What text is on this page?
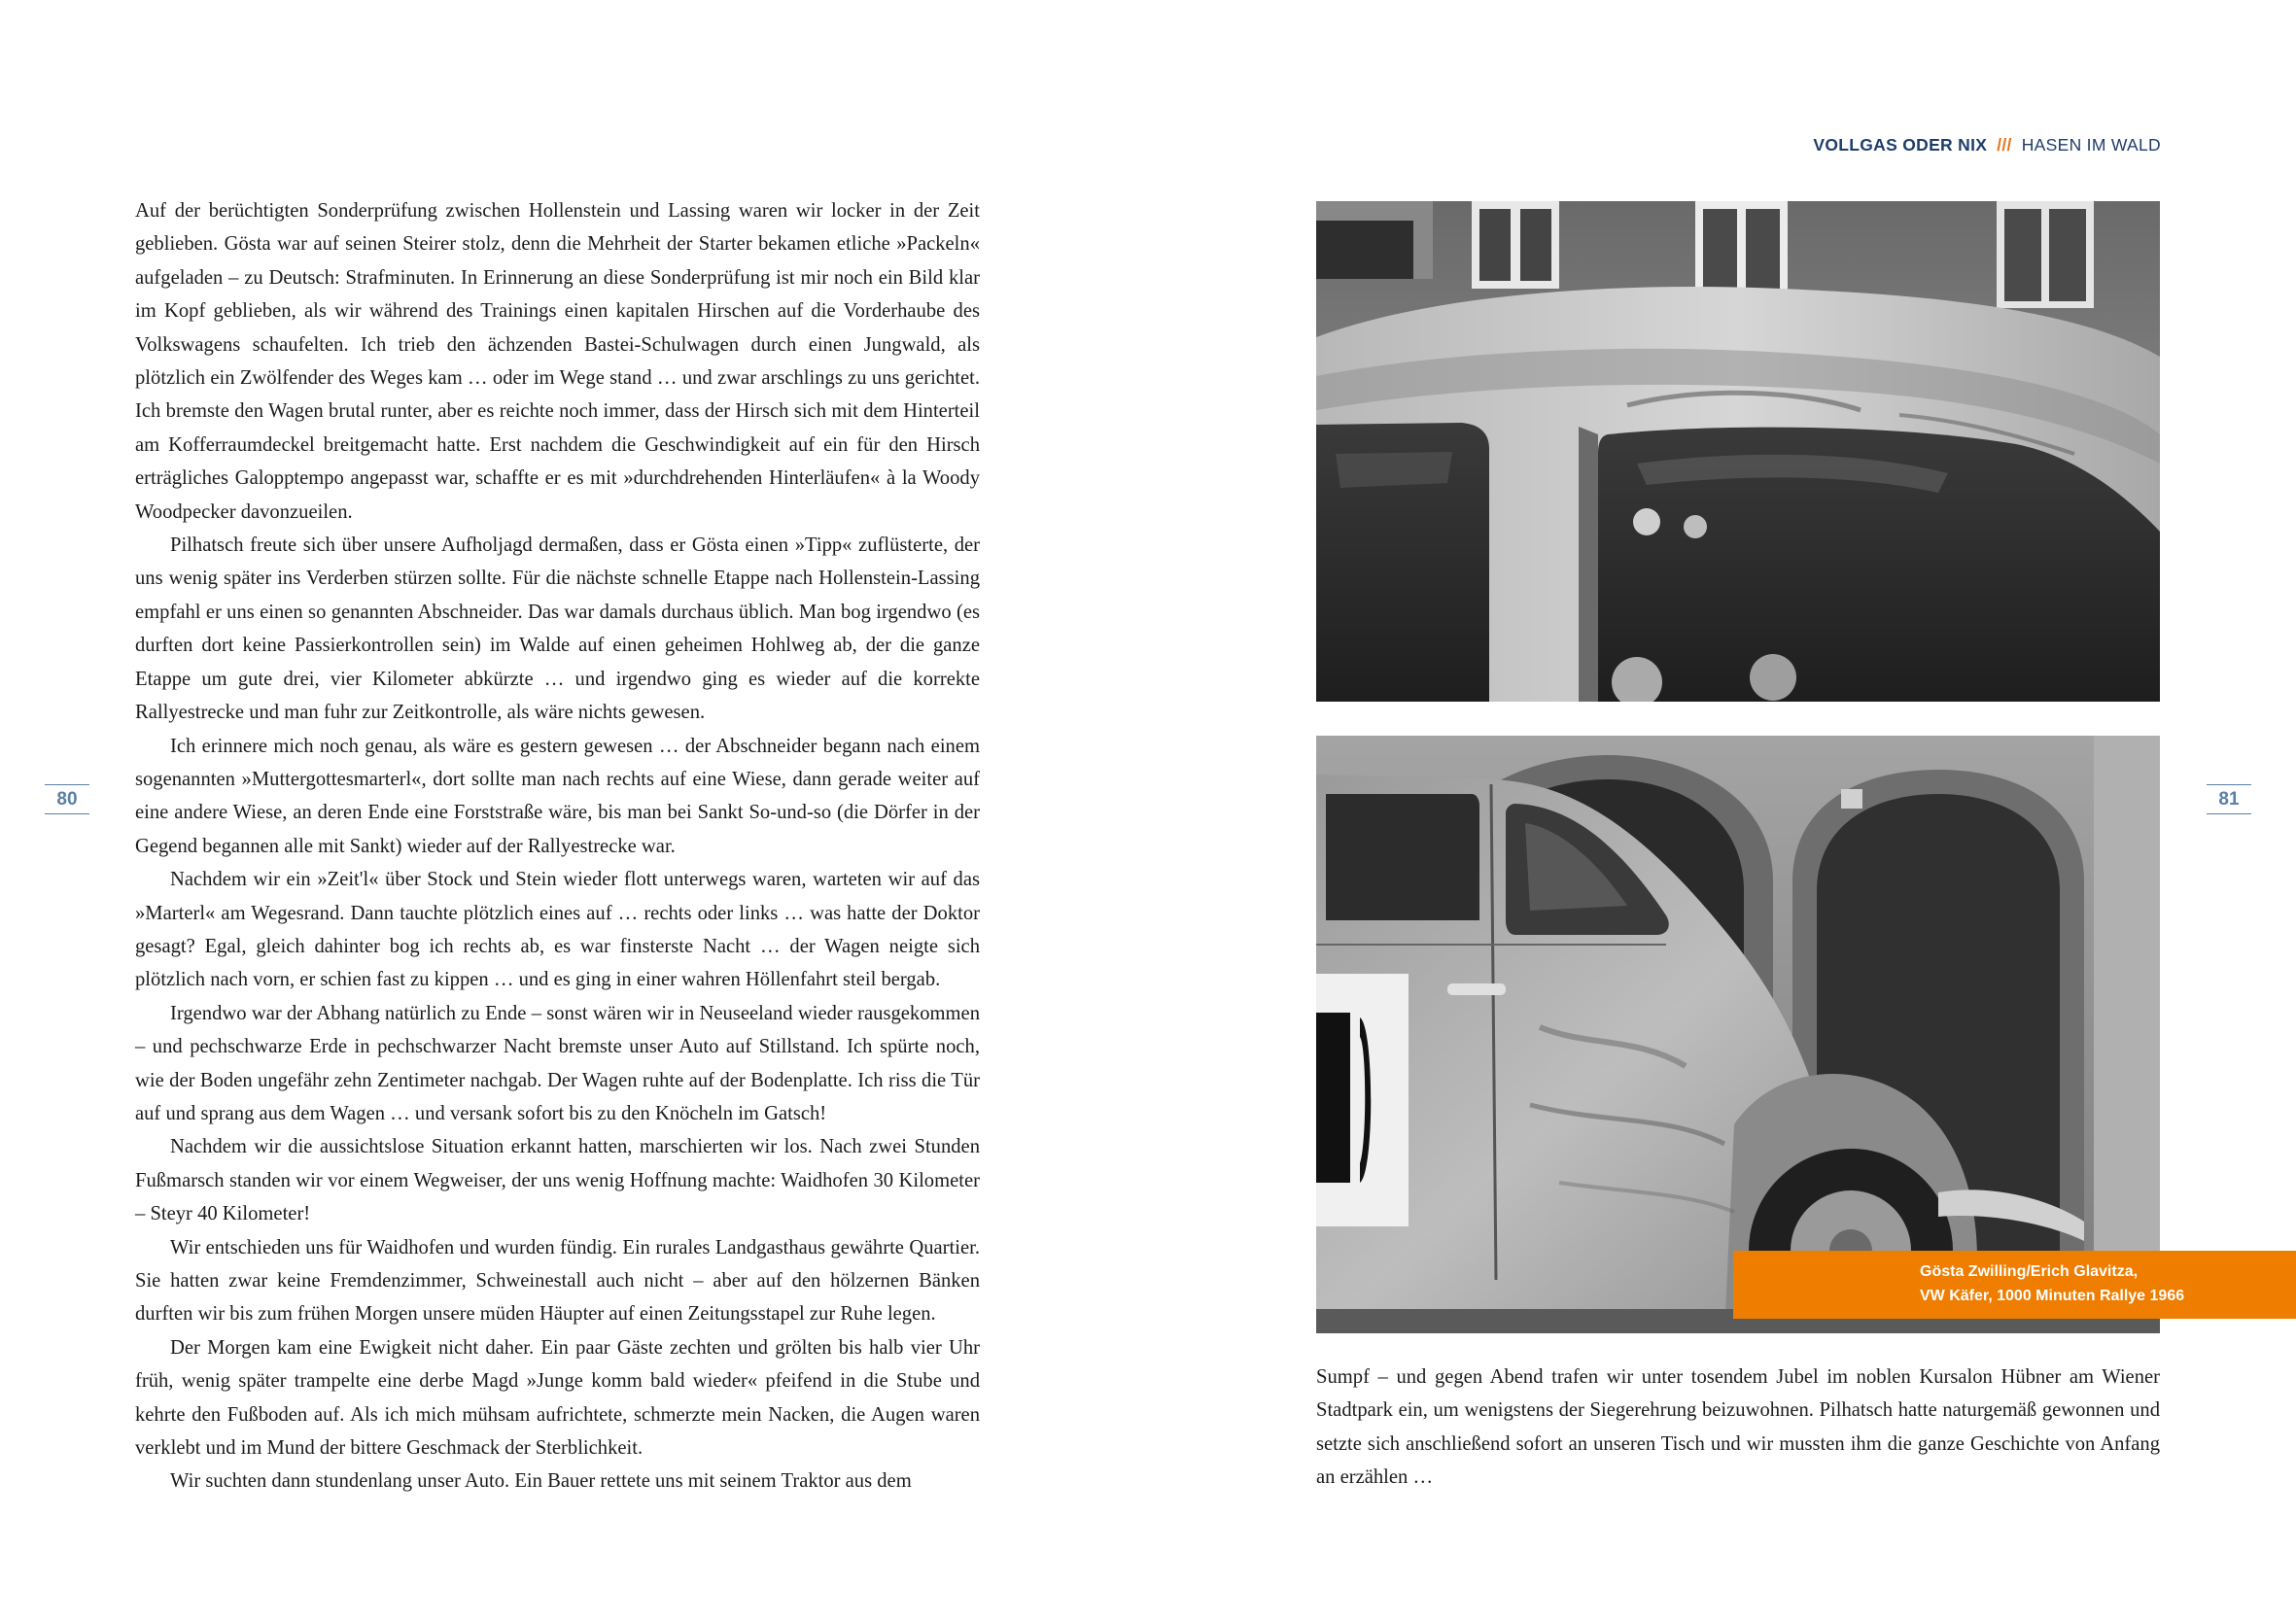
VOLLGAS ODER NIX /// HASEN IM WALD
80	81

Auf der berüchtigten Sonderprüfung zwischen Hollenstein und Lassing waren wir locker in der Zeit geblieben. Gösta war auf seinen Steirer stolz, denn die Mehrheit der Starter bekamen etliche »Packeln« aufgeladen – zu Deutsch: Strafminuten. In Erinnerung an diese Sonderprüfung ist mir noch ein Bild klar im Kopf geblieben, als wir während des Trainings einen kapitalen Hirschen auf die Vorderhaube des Volkswagens schaufelten. Ich trieb den ächzenden Bastei-Schulwagen durch einen Jungwald, als plötzlich ein Zwölfender des Weges kam … oder im Wege stand … und zwar arschlings zu uns gerichtet. Ich bremste den Wagen brutal runter, aber es reichte noch immer, dass der Hirsch sich mit dem Hinterteil am Kofferraumdeckel breitgemacht hatte. Erst nachdem die Geschwindigkeit auf ein für den Hirsch erträgliches Galopptempo angepasst war, schaffte er es mit »durchdrehenden Hinterläufen« à la Woody Woodpecker davonzueilen.

Pilhatsch freute sich über unsere Aufholjagd dermaßen, dass er Gösta einen »Tipp« zuflüsterte, der uns wenig später ins Verderben stürzen sollte. Für die nächste schnelle Etappe nach Hollenstein-Lassing empfahl er uns einen so genannten Abschneider. Das war damals durchaus üblich. Man bog irgendwo (es durften dort keine Passierkontrollen sein) im Walde auf einen geheimen Hohlweg ab, der die ganze Etappe um gute drei, vier Kilometer abkürzte … und irgendwo ging es wieder auf die korrekte Rallyestrecke und man fuhr zur Zeitkontrolle, als wäre nichts gewesen.

Ich erinnere mich noch genau, als wäre es gestern gewesen … der Abschneider begann nach einem sogenannten »Muttergottesmarterl«, dort sollte man nach rechts auf eine Wiese, dann gerade weiter auf eine andere Wiese, an deren Ende eine Forststraße wäre, bis man bei Sankt So-und-so (die Dörfer in der Gegend begannen alle mit Sankt) wieder auf der Rallyestrecke war.

Nachdem wir ein »Zeit'l« über Stock und Stein wieder flott unterwegs waren, warteten wir auf das »Marterl« am Wegesrand. Dann tauchte plötzlich eines auf … rechts oder links … was hatte der Doktor gesagt? Egal, gleich dahinter bog ich rechts ab, es war finsterste Nacht … der Wagen neigte sich plötzlich nach vorn, er schien fast zu kippen … und es ging in einer wahren Höllenfahrt steil bergab.

Irgendwo war der Abhang natürlich zu Ende – sonst wären wir in Neuseeland wieder rausgekommen – und pechschwarze Erde in pechschwarzer Nacht bremste unser Auto auf Stillstand. Ich spürte noch, wie der Boden ungefähr zehn Zentimeter nachgab. Der Wagen ruhte auf der Bodenplatte. Ich riss die Tür auf und sprang aus dem Wagen … und versank sofort bis zu den Knöcheln im Gatsch!

Nachdem wir die aussichtslose Situation erkannt hatten, marschierten wir los. Nach zwei Stunden Fußmarsch standen wir vor einem Wegweiser, der uns wenig Hoffnung machte: Waidhofen 30 Kilometer – Steyr 40 Kilometer!

Wir entschieden uns für Waidhofen und wurden fündig. Ein rurales Landgasthaus gewährte Quartier. Sie hatten zwar keine Fremdenzimmer, Schweinestall auch nicht – aber auf den hölzernen Bänken durften wir bis zum frühen Morgen unsere müden Häupter auf einen Zeitungsstapel zur Ruhe legen.

Der Morgen kam eine Ewigkeit nicht daher. Ein paar Gäste zechten und grölten bis halb vier Uhr früh, wenig später trampelte eine derbe Magd »Junge komm bald wieder« pfeifend in die Stube und kehrte den Fußboden auf. Als ich mich mühsam aufrichtete, schmerzte mein Nacken, die Augen waren verklebt und im Mund der bittere Geschmack der Sterblichkeit.

Wir suchten dann stundenlang unser Auto. Ein Bauer rettete uns mit seinem Traktor aus dem

Gösta Zwilling/Erich Glavitza,
VW Käfer, 1000 Minuten Rallye 1966

Sumpf – und gegen Abend trafen wir unter tosendem Jubel im noblen Kursalon Hübner am Wiener Stadtpark ein, um wenigstens der Siegerehrung beizuwohnen. Pilhatsch hatte naturgemäß gewonnen und setzte sich anschließend sofort an unseren Tisch und wir mussten ihm die ganze Geschichte von Anfang an erzählen …
